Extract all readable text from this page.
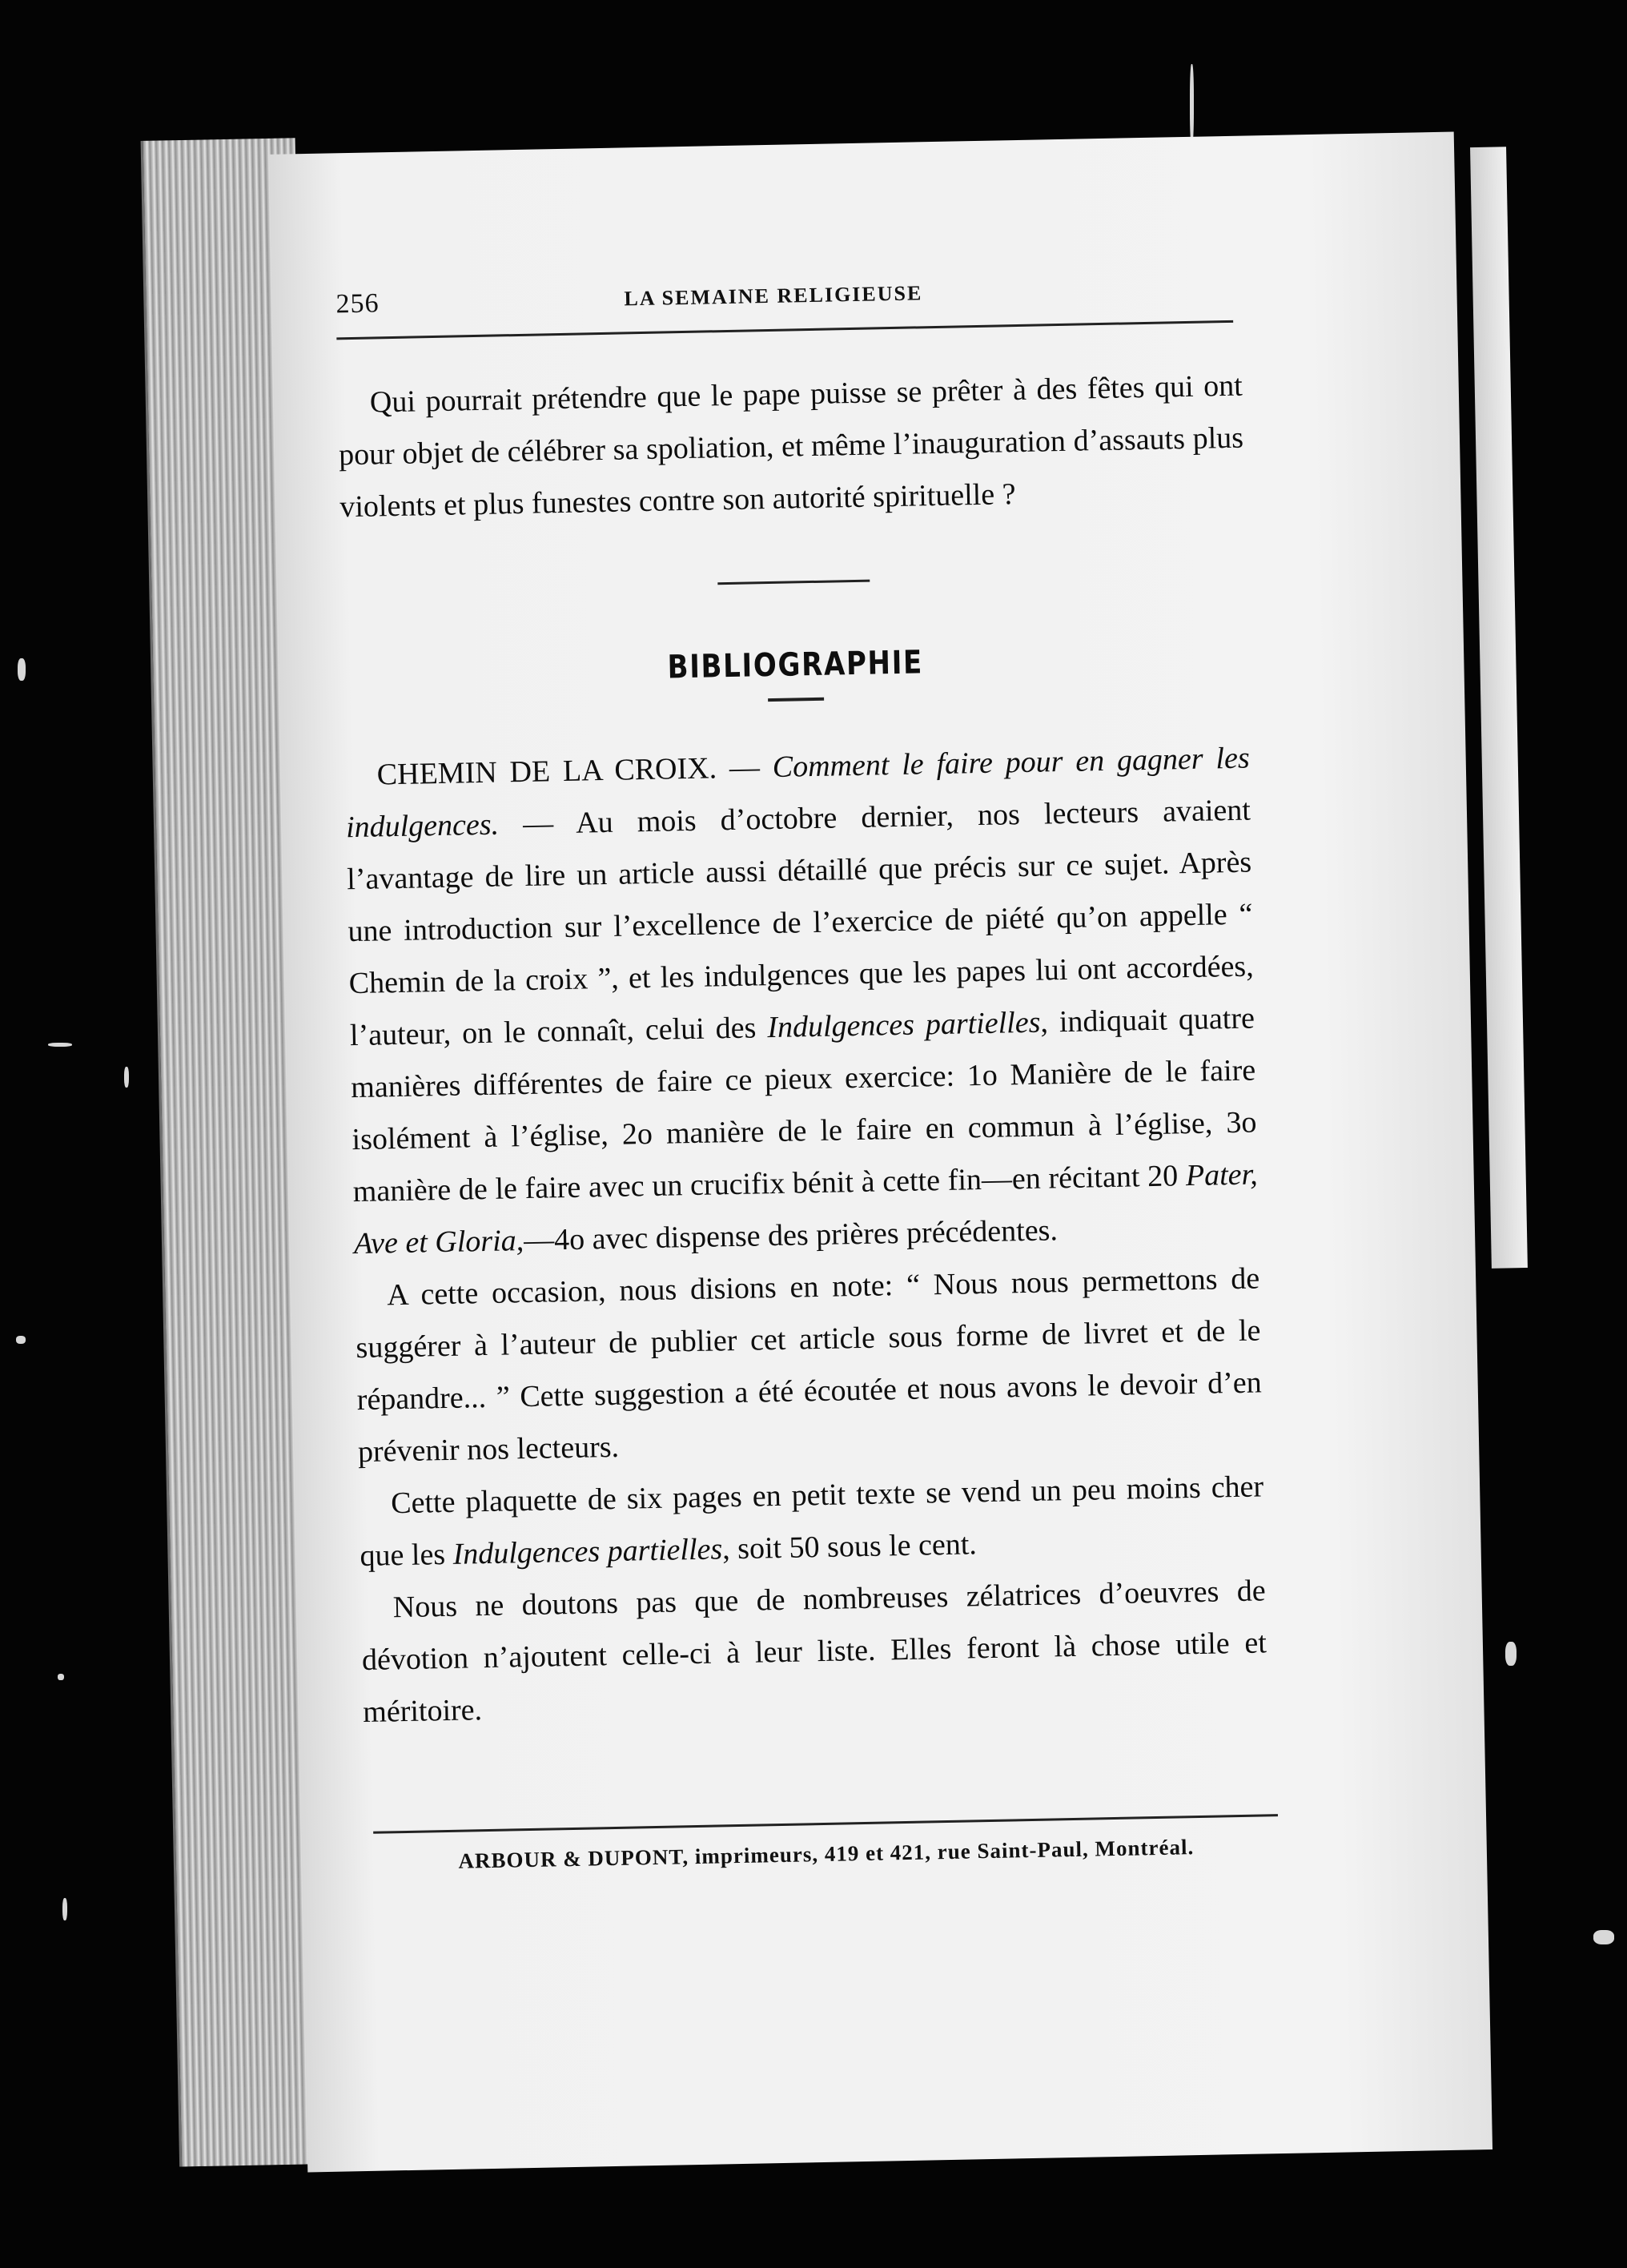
256	LA SEMAINE RELIGIEUSE

Qui pourrait prétendre que le pape puisse se prêter à des fêtes qui ont pour objet de célébrer sa spoliation, et même l’inauguration d’assauts plus violents et plus funestes contre son autorité spirituelle ?

BIBLIOGRAPHIE

CHEMIN DE LA CROIX. — Comment le faire pour en gagner les indulgences. — Au mois d’octobre dernier, nos lecteurs avaient l’avantage de lire un article aussi détaillé que précis sur ce sujet. Après une introduction sur l’excellence de l’exercice de piété qu’on appelle “ Chemin de la croix ”, et les indulgences que les papes lui ont accordées, l’auteur, on le connaît, celui des Indulgences partielles, indiquait quatre manières différentes de faire ce pieux exercice: 1o Manière de le faire isolément à l’église, 2o manière de le faire en commun à l’église, 3o manière de le faire avec un crucifix bénit à cette fin—en récitant 20 Pater, Ave et Gloria,—4o avec dispense des prières précédentes.

A cette occasion, nous disions en note: “ Nous nous permettons de suggérer à l’auteur de publier cet article sous forme de livret et de le répandre... ” Cette suggestion a été écoutée et nous avons le devoir d’en prévenir nos lecteurs.

Cette plaquette de six pages en petit texte se vend un peu moins cher que les Indulgences partielles, soit 50 sous le cent.

Nous ne doutons pas que de nombreuses zélatrices d’oeuvres de dévotion n’ajoutent celle-ci à leur liste. Elles feront là chose utile et méritoire.

ARBOUR & DUPONT, imprimeurs, 419 et 421, rue Saint-Paul, Montréal.
